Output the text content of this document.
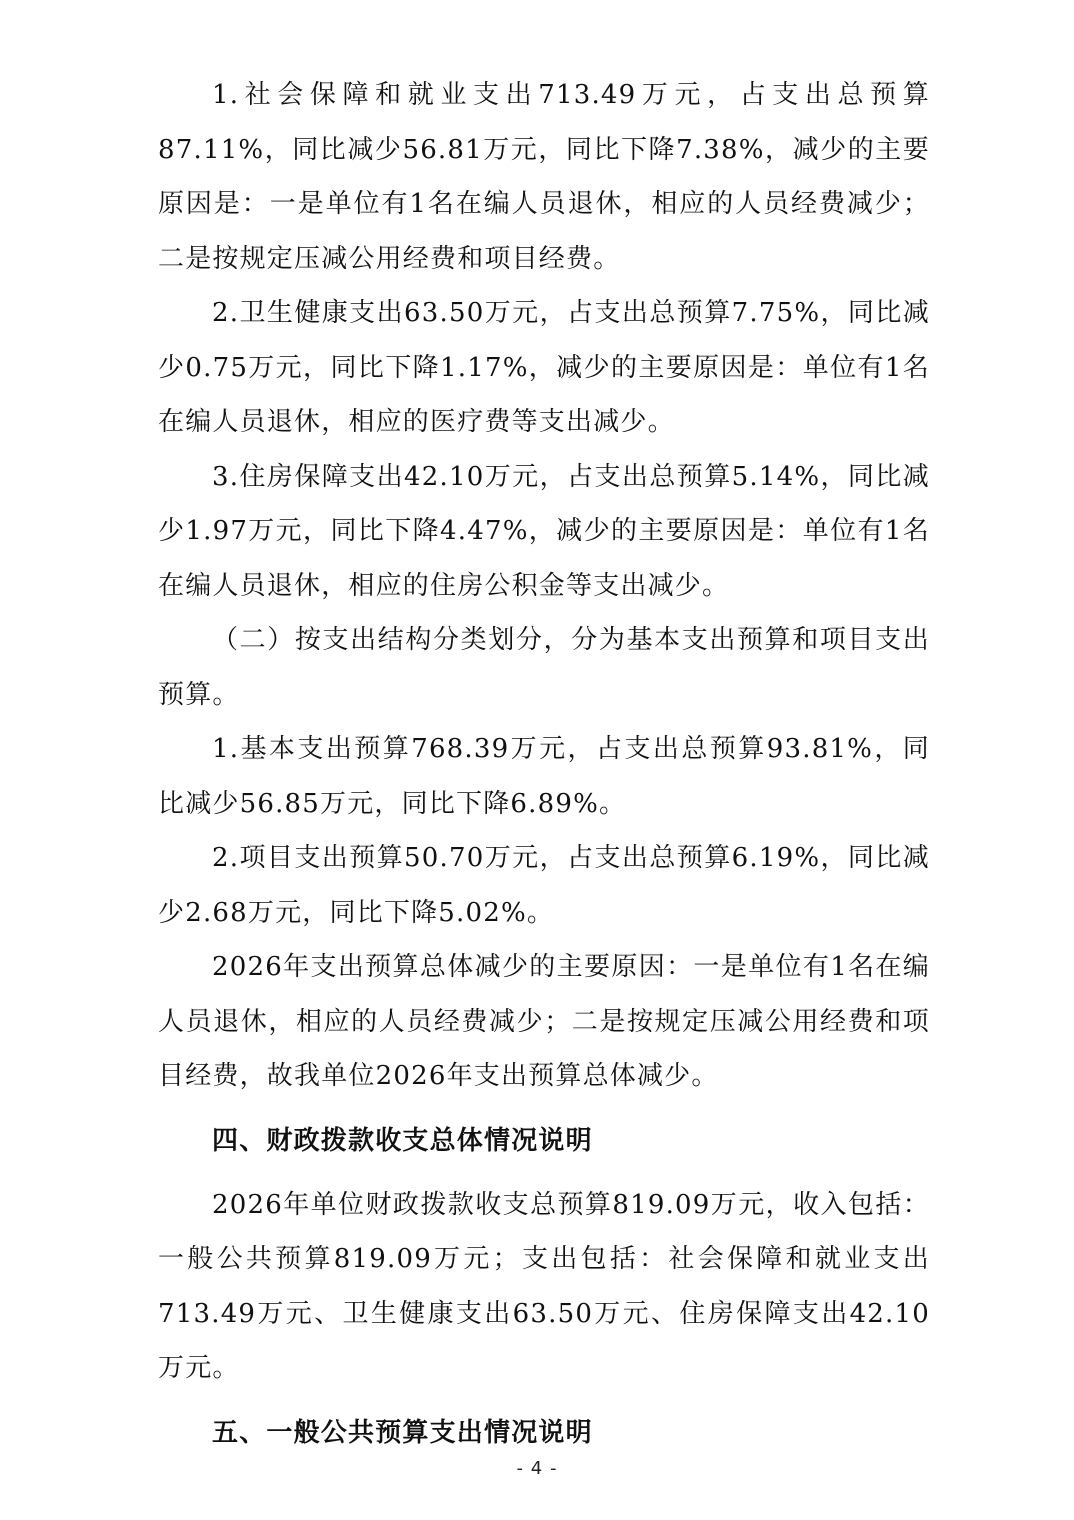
1.社会保障和就业支出713.49万元，占支出总预算87.11%，同比减少56.81万元，同比下降7.38%，减少的主要原因是：一是单位有1名在编人员退休，相应的人员经费减少；二是按规定压减公用经费和项目经费。

2.卫生健康支出63.50万元，占支出总预算7.75%，同比减少0.75万元，同比下降1.17%，减少的主要原因是：单位有1名在编人员退休，相应的医疗费等支出减少。

3.住房保障支出42.10万元，占支出总预算5.14%，同比减少1.97万元，同比下降4.47%，减少的主要原因是：单位有1名在编人员退休，相应的住房公积金等支出减少。

（二）按支出结构分类划分，分为基本支出预算和项目支出预算。

1.基本支出预算768.39万元，占支出总预算93.81%，同比减少56.85万元，同比下降6.89%。

2.项目支出预算50.70万元，占支出总预算6.19%，同比减少2.68万元，同比下降5.02%。

2026年支出预算总体减少的主要原因：一是单位有1名在编人员退休，相应的人员经费减少；二是按规定压减公用经费和项目经费，故我单位2026年支出预算总体减少。

四、财政拨款收支总体情况说明

2026年单位财政拨款收支总预算819.09万元，收入包括：一般公共预算819.09万元；支出包括：社会保障和就业支出713.49万元、卫生健康支出63.50万元、住房保障支出42.10万元。

五、一般公共预算支出情况说明
- 4 -
